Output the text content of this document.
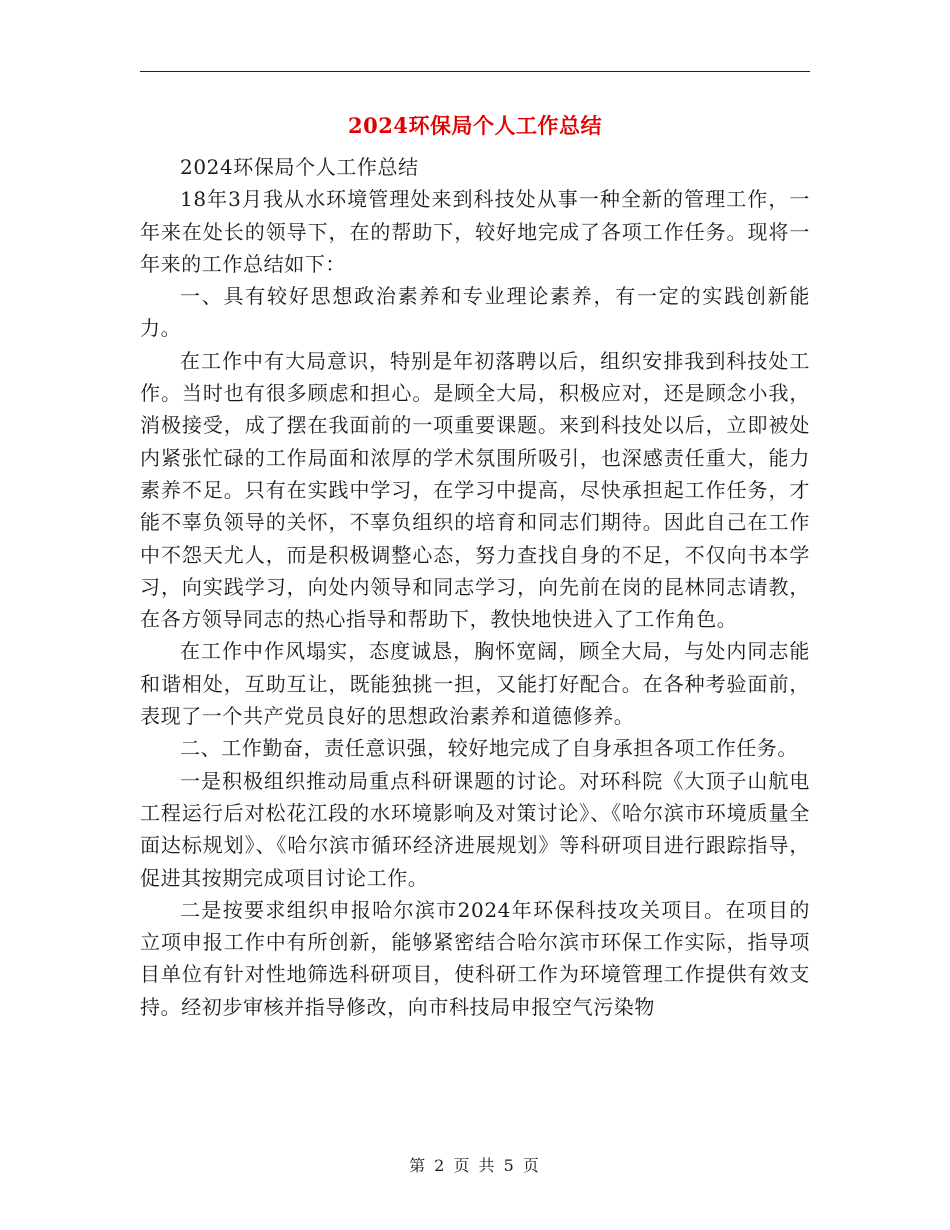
2024环保局个人工作总结

2024环保局个人工作总结

18年3月我从水环境管理处来到科技处从事一种全新的管理工作，一年来在处长的领导下，在的帮助下，较好地完成了各项工作任务。现将一年来的工作总结如下：

一、具有较好思想政治素养和专业理论素养，有一定的实践创新能力。

在工作中有大局意识，特别是年初落聘以后，组织安排我到科技处工作。当时也有很多顾虑和担心。是顾全大局，积极应对，还是顾念小我，消极接受，成了摆在我面前的一项重要课题。来到科技处以后，立即被处内紧张忙碌的工作局面和浓厚的学术氛围所吸引，也深感责任重大，能力素养不足。只有在实践中学习，在学习中提高，尽快承担起工作任务，才能不辜负领导的关怀，不辜负组织的培育和同志们期待。因此自己在工作中不怨天尤人，而是积极调整心态，努力查找自身的不足，不仅向书本学习，向实践学习，向处内领导和同志学习，向先前在岗的昆林同志请教，在各方领导同志的热心指导和帮助下，教快地快进入了工作角色。

在工作中作风塌实，态度诚恳，胸怀宽阔，顾全大局，与处内同志能和谐相处，互助互让，既能独挑一担，又能打好配合。在各种考验面前，表现了一个共产党员良好的思想政治素养和道德修养。

二、工作勤奋，责任意识强，较好地完成了自身承担各项工作任务。

一是积极组织推动局重点科研课题的讨论。对环科院《大顶子山航电工程运行后对松花江段的水环境影响及对策讨论》、《哈尔滨市环境质量全面达标规划》、《哈尔滨市循环经济进展规划》等科研项目进行跟踪指导，促进其按期完成项目讨论工作。

二是按要求组织申报哈尔滨市2024年环保科技攻关项目。在项目的立项申报工作中有所创新，能够紧密结合哈尔滨市环保工作实际，指导项目单位有针对性地筛选科研项目，使科研工作为环境管理工作提供有效支持。经初步审核并指导修改，向市科技局申报空气污染物

第 2 页 共 5 页
